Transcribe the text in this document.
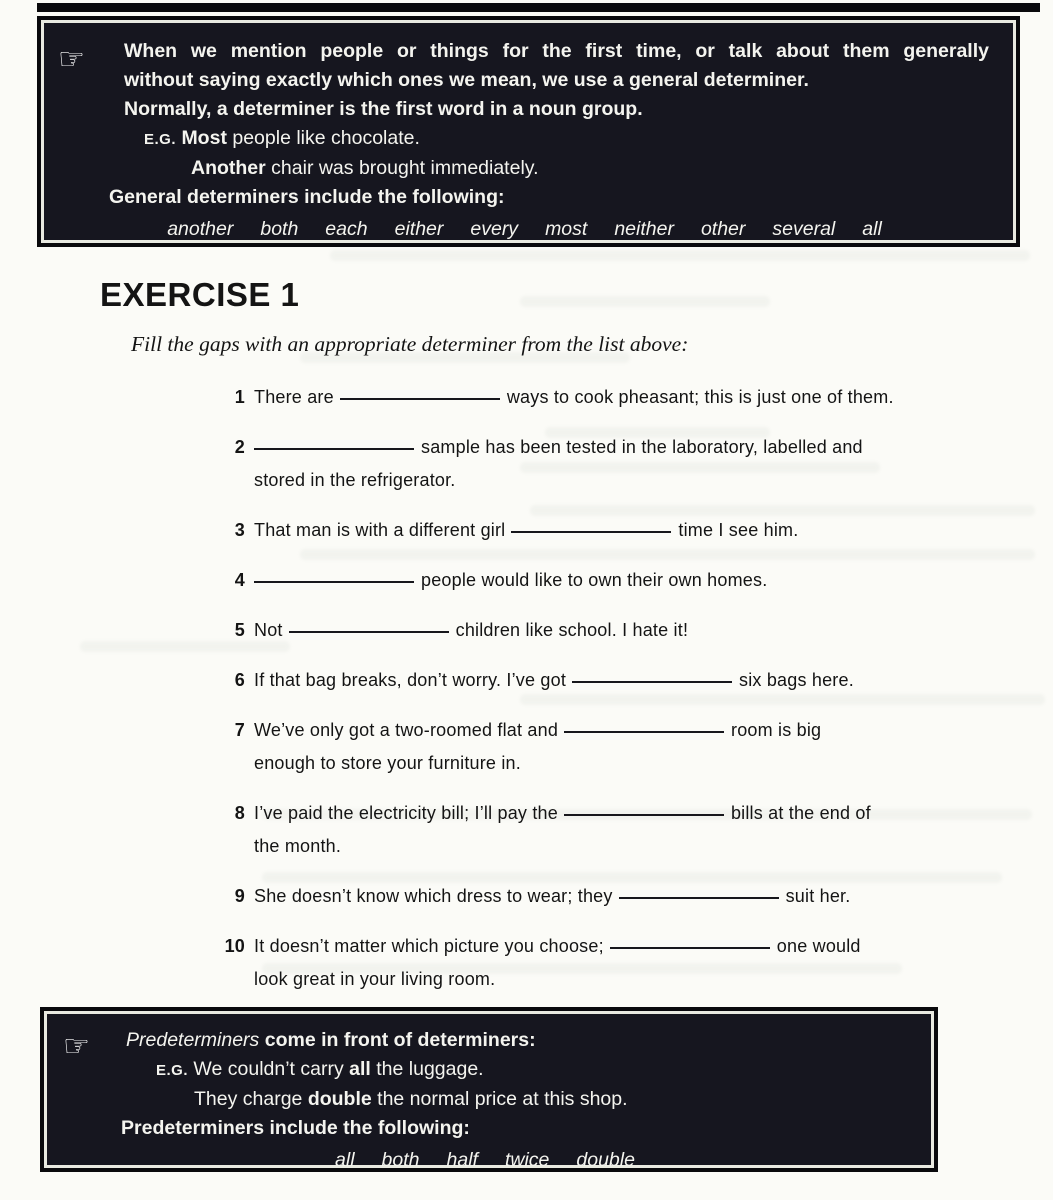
☞ When we mention people or things for the first time, or talk about them generally
without saying exactly which ones we mean, we use a general determiner.
Normally, a determiner is the first word in a noun group.
E.G. Most people like chocolate.
Another chair was brought immediately.
General determiners include the following:
another both each either every most neither other several all
EXERCISE 1
Fill the gaps with an appropriate determiner from the list above:
1 There are	ways to cook pheasant; this is just one of them.
2	sample has been tested in the laboratory, labelled and
stored in the refrigerator.
3 That man is with a different girl	time I see him.
4	people would like to own their own homes.
5 Not	children like school. I hate it!
6 If that bag breaks, don’t worry. I’ve got	six bags here.
7 We’ve only got a two-roomed flat and	room is big
enough to store your furniture in.
8 I’ve paid the electricity bill; I’ll pay the	bills at the end of
the month.
9 She doesn’t know which dress to wear; they	suit her.
10 It doesn’t matter which picture you choose;	one would
look great in your living room.
☞ Predeterminers come in front of determiners:
E.G. We couldn’t carry all the luggage.
They charge double the normal price at this shop.
Predeterminers include the following:
all both half twice double
